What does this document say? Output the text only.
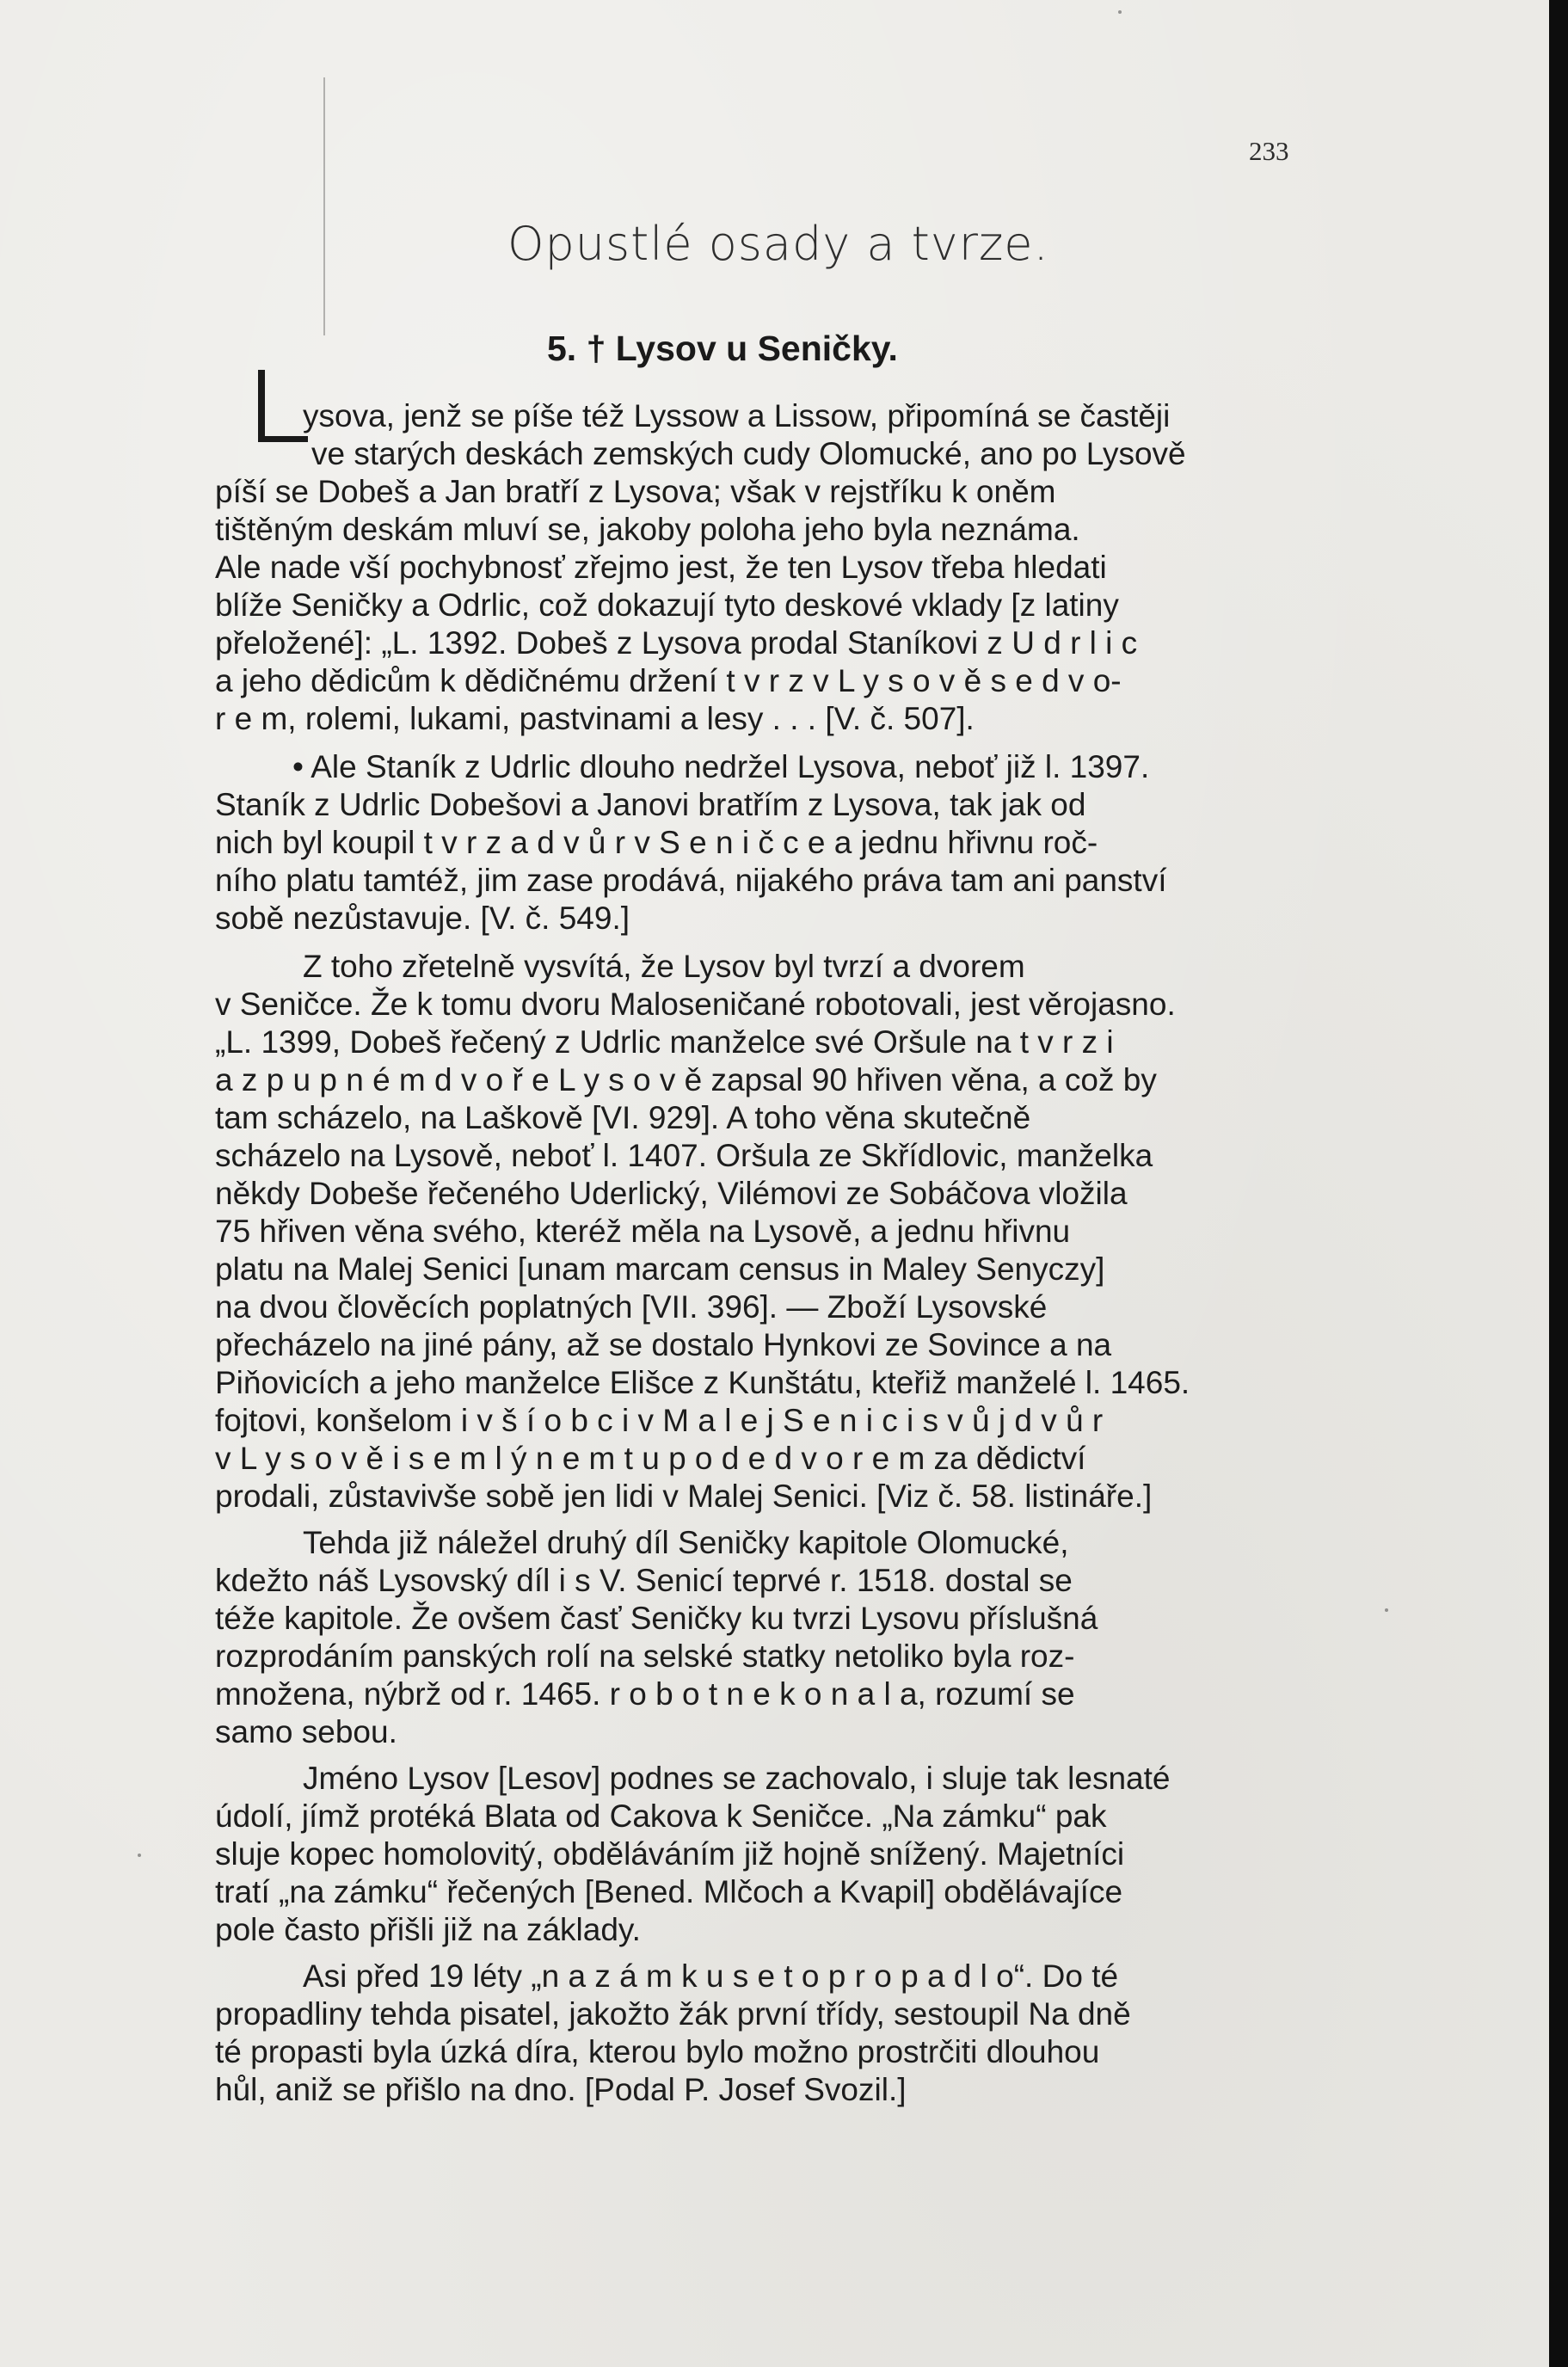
233
Opustlé osady a tvrze.
5. † Lysov u Seničky.
ysova, jenž se píše též Lyssow a Lissow, připomíná se častěji
ve starých deskách zemských cudy Olomucké, ano po Lysově
píší se Dobeš a Jan bratří z Lysova; však v rejstříku k oněm
tištěným deskám mluví se, jakoby poloha jeho byla neznáma.
Ale nade vší pochybnosť zřejmo jest, že ten Lysov třeba hledati
blíže Seničky a Odrlic, což dokazují tyto deskové vklady [z latiny
přeložené]: „L. 1392. Dobeš z Lysova prodal Staníkovi z U d r l i c
a jeho dědicům k dědičnému držení t v r z v L y s o v ě s e d v o-
r e m, rolemi, lukami, pastvinami a lesy . . . [V. č. 507].
• Ale Staník z Udrlic dlouho nedržel Lysova, neboť již l. 1397.
Staník z Udrlic Dobešovi a Janovi bratřím z Lysova, tak jak od
nich byl koupil t v r z a d v ů r v S e n i č c e a jednu hřivnu roč-
ního platu tamtéž, jim zase prodává, nijakého práva tam ani panství
sobě nezůstavuje. [V. č. 549.]
Z toho zřetelně vysvítá, že Lysov byl tvrzí a dvorem
v Seničce. Že k tomu dvoru Maloseničané robotovali, jest věrojasno.
„L. 1399, Dobeš řečený z Udrlic manželce své Oršule na t v r z i
a z p u p n é m d v o ř e L y s o v ě zapsal 90 hřiven věna, a což by
tam scházelo, na Laškově [VI. 929]. A toho věna skutečně
scházelo na Lysově, neboť l. 1407. Oršula ze Skřídlovic, manželka
někdy Dobeše řečeného Uderlický, Vilémovi ze Sobáčova vložila
75 hřiven věna svého, kteréž měla na Lysově, a jednu hřivnu
platu na Malej Senici [unam marcam census in Maley Senyczy]
na dvou člověcích poplatných [VII. 396]. — Zboží Lysovské
přecházelo na jiné pány, až se dostalo Hynkovi ze Sovince a na
Piňovicích a jeho manželce Elišce z Kunštátu, kteřiž manželé l. 1465.
fojtovi, konšelom i v š í o b c i v M a l e j S e n i c i s v ů j d v ů r
v L y s o v ě i s e m l ý n e m t u p o d e d v o r e m za dědictví
prodali, zůstavivše sobě jen lidi v Malej Senici. [Viz č. 58. listináře.]
Tehda již náležel druhý díl Seničky kapitole Olomucké,
kdežto náš Lysovský díl i s V. Senicí teprvé r. 1518. dostal se
téže kapitole. Že ovšem časť Seničky ku tvrzi Lysovu příslušná
rozprodáním panských rolí na selské statky netoliko byla roz-
množena, nýbrž od r. 1465. r o b o t n e k o n a l a, rozumí se
samo sebou.
Jméno Lysov [Lesov] podnes se zachovalo, i sluje tak lesnaté
údolí, jímž protéká Blata od Cakova k Seničce. „Na zámku“ pak
sluje kopec homolovitý, obděláváním již hojně snížený. Majetníci
tratí „na zámku“ řečených [Bened. Mlčoch a Kvapil] obdělávajíce
pole často přišli již na základy.
Asi před 19 léty „n a z á m k u s e t o p r o p a d l o“. Do té
propadliny tehda pisatel, jakožto žák první třídy, sestoupil Na dně
té propasti byla úzká díra, kterou bylo možno prostrčiti dlouhou
hůl, aniž se přišlo na dno. [Podal P. Josef Svozil.]
